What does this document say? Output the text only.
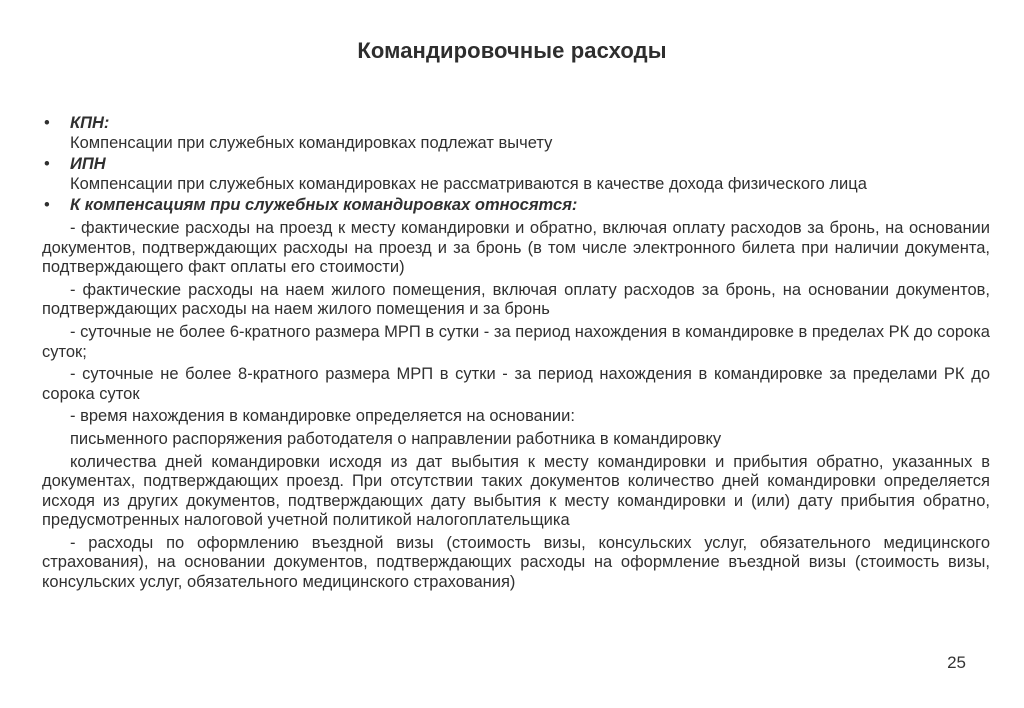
Командировочные расходы
• КПН:
Компенсации при служебных командировках подлежат вычету
• ИПН

Компенсации при служебных командировках не рассматриваются в качестве дохода физического лица

• К компенсациям при служебных командировках относятся:

- фактические расходы на проезд к месту командировки и обратно, включая оплату расходов за бронь, на основании документов, подтверждающих расходы на проезд и за бронь (в том числе электронного билета при наличии документа, подтверждающего факт оплаты его стоимости)

- фактические расходы на наем жилого помещения, включая оплату расходов за бронь, на основании документов, подтверждающих расходы на наем жилого помещения и за бронь

- суточные не более 6-кратного размера МРП в сутки - за период нахождения в командировке в пределах РК до сорока суток;

- суточные не более 8-кратного размера МРП в сутки - за период нахождения в командировке за пределами РК до сорока суток

- время нахождения в командировке определяется на основании:

письменного распоряжения работодателя о направлении работника в командировку

количества дней командировки исходя из дат выбытия к месту командировки и прибытия обратно, указанных в документах, подтверждающих проезд. При отсутствии таких документов количество дней командировки определяется исходя из других документов, подтверждающих дату выбытия к месту командировки и (или) дату прибытия обратно, предусмотренных налоговой учетной политикой налогоплательщика

- расходы по оформлению въездной визы (стоимость визы, консульских услуг, обязательного медицинского страхования), на основании документов, подтверждающих расходы на оформление въездной визы (стоимость визы, консульских услуг, обязательного медицинского страхования)

25
